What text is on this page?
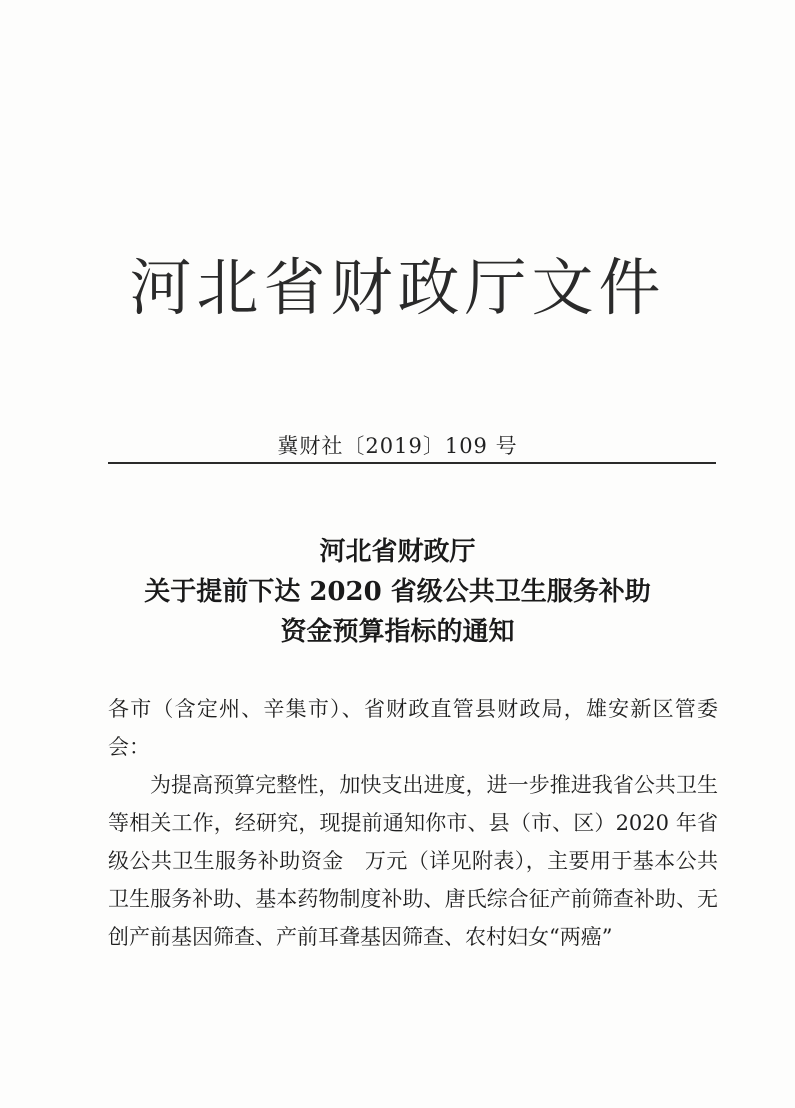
河北省财政厅文件
冀财社〔2019〕109 号
河北省财政厅
关于提前下达 2020 省级公共卫生服务补助
资金预算指标的通知

各市（含定州、辛集市）、省财政直管县财政局，雄安新区管委会：

为提高预算完整性，加快支出进度，进一步推进我省公共卫生等相关工作，经研究，现提前通知你市、县（市、区）2020 年省级公共卫生服务补助资金　万元（详见附表），主要用于基本公共卫生服务补助、基本药物制度补助、唐氏综合征产前筛查补助、无创产前基因筛查、产前耳聋基因筛查、农村妇女“两癌”
